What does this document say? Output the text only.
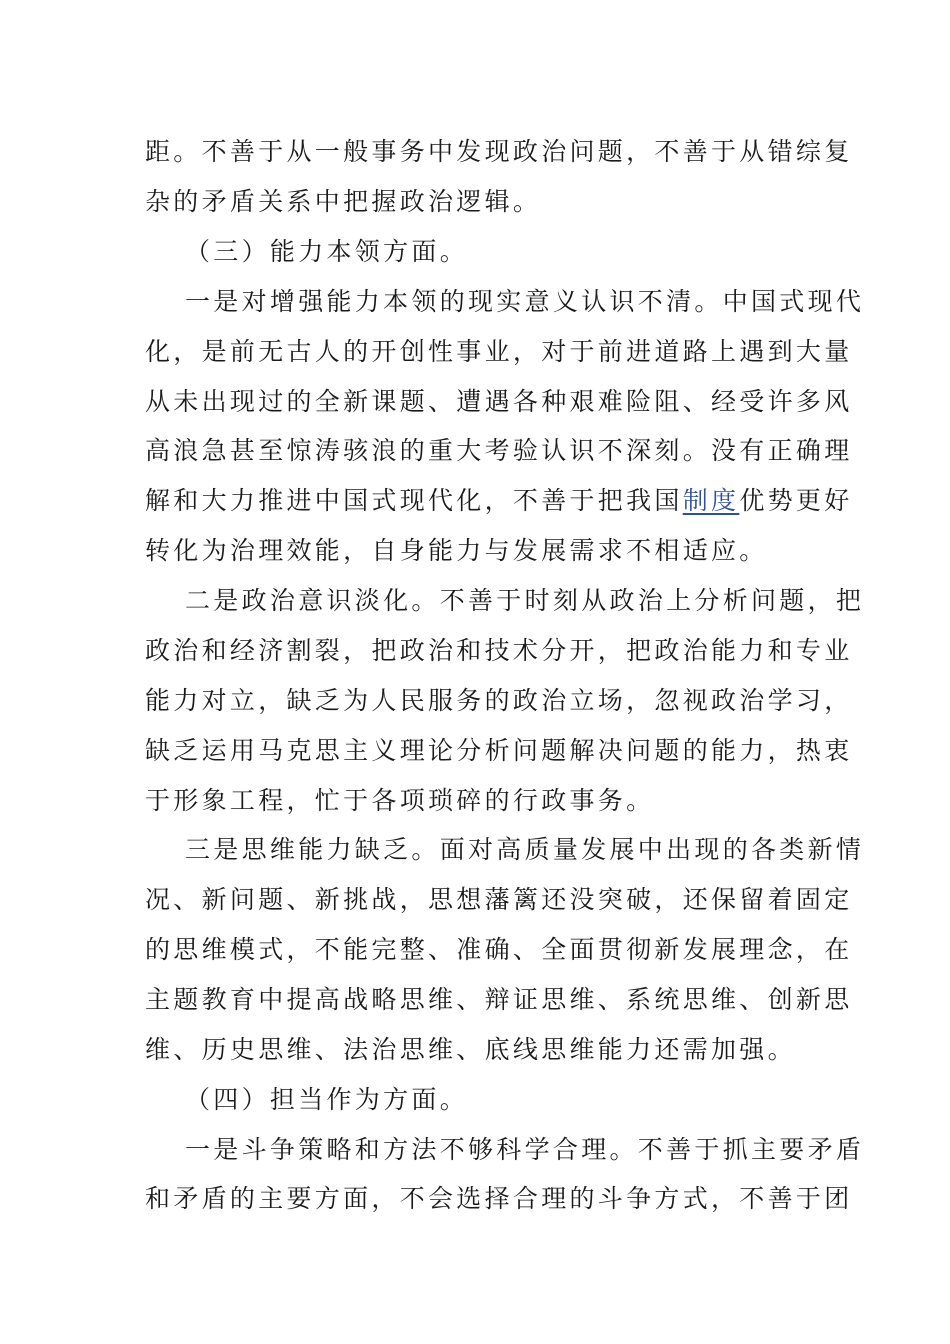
距。不善于从一般事务中发现政治问题，不善于从错综复
杂的矛盾关系中把握政治逻辑。
（三）能力本领方面。
一是对增强能力本领的现实意义认识不清。中国式现代
化，是前无古人的开创性事业，对于前进道路上遇到大量
从未出现过的全新课题、遭遇各种艰难险阻、经受许多风
高浪急甚至惊涛骇浪的重大考验认识不深刻。没有正确理
解和大力推进中国式现代化，不善于把我国制度优势更好
转化为治理效能，自身能力与发展需求不相适应。
二是政治意识淡化。不善于时刻从政治上分析问题，把
政治和经济割裂，把政治和技术分开，把政治能力和专业
能力对立，缺乏为人民服务的政治立场，忽视政治学习，
缺乏运用马克思主义理论分析问题解决问题的能力，热衷
于形象工程，忙于各项琐碎的行政事务。
三是思维能力缺乏。面对高质量发展中出现的各类新情
况、新问题、新挑战，思想藩篱还没突破，还保留着固定
的思维模式，不能完整、准确、全面贯彻新发展理念，在
主题教育中提高战略思维、辩证思维、系统思维、创新思
维、历史思维、法治思维、底线思维能力还需加强。
（四）担当作为方面。
一是斗争策略和方法不够科学合理。不善于抓主要矛盾
和矛盾的主要方面，不会选择合理的斗争方式，不善于团
